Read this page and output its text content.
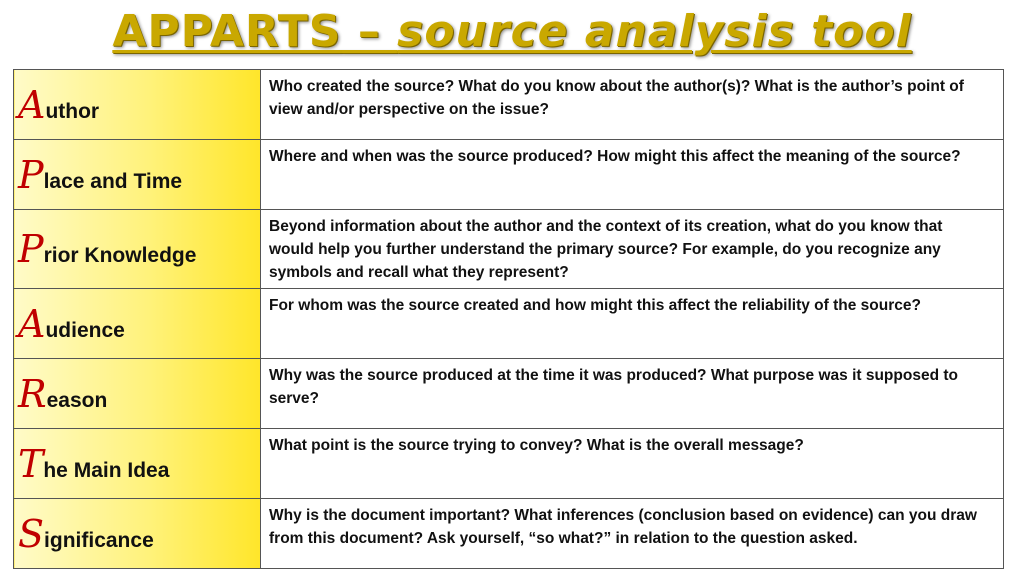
APPARTS – source analysis tool
Author	Who created the source? What do you know about the author(s)? What is the author’s point of view and/or perspective on the issue?
Place and Time	Where and when was the source produced? How might this affect the meaning of the source?
Prior Knowledge	Beyond information about the author and the context of its creation, what do you know that would help you further understand the primary source? For example, do you recognize any symbols and recall what they represent?
Audience	For whom was the source created and how might this affect the reliability of the source?
Reason	Why was the source produced at the time it was produced? What purpose was it supposed to serve?
The Main Idea	What point is the source trying to convey? What is the overall message?
Significance	Why is the document important? What inferences (conclusion based on evidence) can you draw from this document? Ask yourself, “so what?” in relation to the question asked.
